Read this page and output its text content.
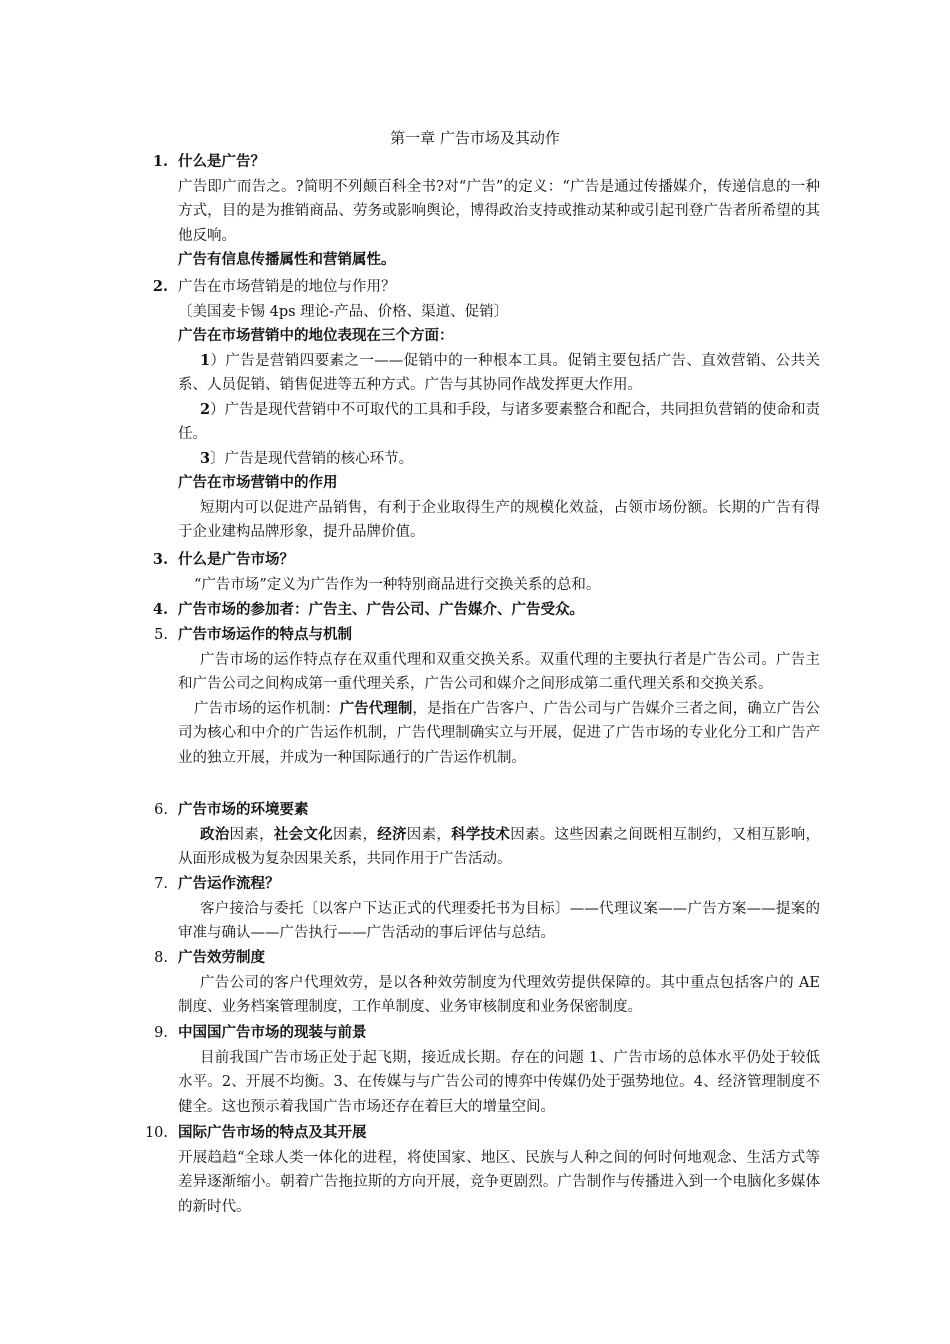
第一章 广告市场及其动作
1. 什么是广告？

广告即广而告之。?简明不列颠百科全书?对“广告”的定义：“广告是通过传播媒介，传递信息的一种方式，目的是为推销商品、劳务或影响舆论，博得政治支持或推动某种或引起刊登广告者所希望的其他反响。

广告有信息传播属性和营销属性。

2. 广告在市场营销是的地位与作用？

〔美国麦卡锡 4ps 理论-产品、价格、渠道、促销〕

广告在市场营销中的地位表现在三个方面：

1）广告是营销四要素之一——促销中的一种根本工具。促销主要包括广告、直效营销、公共关系、人员促销、销售促进等五种方式。广告与其协同作战发挥更大作用。

2）广告是现代营销中不可取代的工具和手段，与诸多要素整合和配合，共同担负营销的使命和责任。

3〕广告是现代营销的核心环节。

广告在市场营销中的作用

短期内可以促进产品销售，有利于企业取得生产的规模化效益，占领市场份额。长期的广告有得于企业建构品牌形象，提升品牌价值。

3. 什么是广告市场？

“广告市场”定义为广告作为一种特别商品进行交换关系的总和。

4. 广告市场的参加者：广告主、广告公司、广告媒介、广告受众。

5. 广告市场运作的特点与机制

广告市场的运作特点存在双重代理和双重交换关系。双重代理的主要执行者是广告公司。广告主和广告公司之间构成第一重代理关系，广告公司和媒介之间形成第二重代理关系和交换关系。

广告市场的运作机制：广告代理制，是指在广告客户、广告公司与广告媒介三者之间，确立广告公司为核心和中介的广告运作机制，广告代理制确实立与开展，促进了广告市场的专业化分工和广告产业的独立开展，并成为一种国际通行的广告运作机制。

6. 广告市场的环境要素

政治因素，社会文化因素，经济因素，科学技术因素。这些因素之间既相互制约，又相互影响，从面形成极为复杂因果关系，共同作用于广告活动。

7. 广告运作流程？

客户接洽与委托〔以客户下达正式的代理委托书为目标〕——代理议案——广告方案——提案的审准与确认——广告执行——广告活动的事后评估与总结。

8. 广告效劳制度

广告公司的客户代理效劳，是以各种效劳制度为代理效劳提供保障的。其中重点包括客户的 AE 制度、业务档案管理制度，工作单制度、业务审核制度和业务保密制度。

9. 中国国广告市场的现装与前景

目前我国广告市场正处于起飞期，接近成长期。存在的问题 1、广告市场的总体水平仍处于较低水平。2、开展不均衡。3、在传媒与与广告公司的博弈中传媒仍处于强势地位。4、经济管理制度不健全。这也预示着我国广告市场还存在着巨大的增量空间。

10. 国际广告市场的特点及其开展

开展趋趋“全球人类一体化的进程，将使国家、地区、民族与人种之间的何时何地观念、生活方式等差异逐渐缩小。朝着广告拖拉斯的方向开展，竞争更剧烈。广告制作与传播进入到一个电脑化多媒体的新时代。
